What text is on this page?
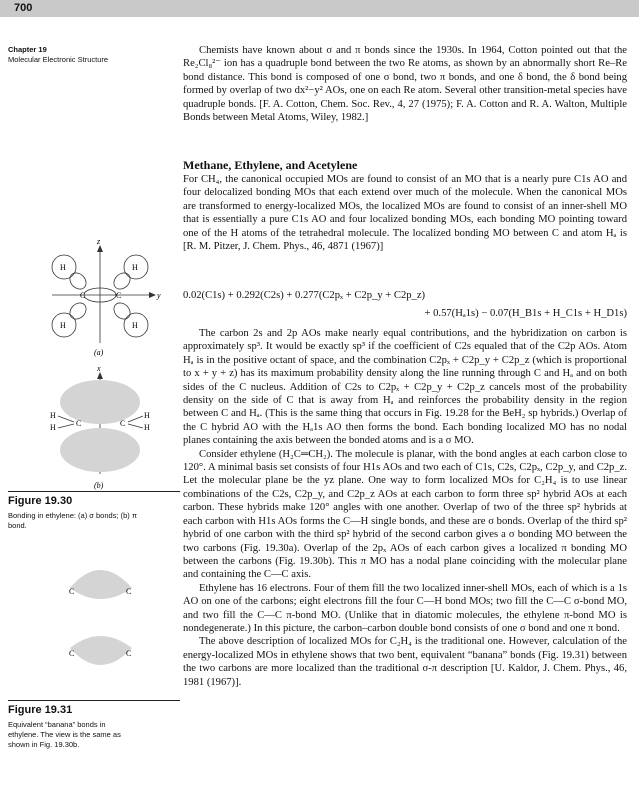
700
Chapter 19
Molecular Electronic Structure

Chemists have known about σ and π bonds since the 1930s. In 1964, Cotton pointed out that the Re₂Cl₈²⁻ ion has a quadruple bond between the two Re atoms, as shown by an abnormally short Re–Re bond distance. This bond is composed of one σ bond, two π bonds, and one δ bond, the δ bond being formed by overlap of two dx²−y² AOs, one on each Re atom. Several other transition-metal species have quadruple bonds. [F. A. Cotton, Chem. Soc. Rev., 4, 27 (1975); F. A. Cotton and R. A. Walton, Multiple Bonds between Metal Atoms, Wiley, 1982.]

Methane, Ethylene, and Acetylene

For CH₄, the canonical occupied MOs are found to consist of an MO that is a nearly pure C1s AO and four delocalized bonding MOs that each extend over much of the molecule. When the canonical MOs are transformed to energy-localized MOs, the localized MOs are found to consist of an inner-shell MO that is essentially a pure C1s AO and four localized bonding MOs, each bonding MO pointing toward one of the H atoms of the tetrahedral molecule. The localized bonding MO between C and atom Hₐ is [R. M. Pitzer, J. Chem. Phys., 46, 4871 (1967)]

0.02(C1s) + 0.292(C2s) + 0.277(C2pₓ + C2p_y + C2p_z)
+ 0.57(Hₐ1s) − 0.07(H_B1s + H_C1s + H_D1s)

The carbon 2s and 2p AOs make nearly equal contributions, and the hybridization on carbon is approximately sp³. It would be exactly sp³ if the coefficient of C2s equaled that of the C2p AOs. Atom Hₐ is in the positive octant of space, and the combination C2pₓ + C2p_y + C2p_z (which is proportional to x + y + z) has its maximum probability density along the line running through C and Hₐ and on both sides of the C nucleus. Addition of C2s to C2pₓ + C2p_y + C2p_z cancels most of the probability density on the side of C that is away from Hₐ and reinforces the probability density in the region between C and Hₐ. (This is the same thing that occurs in Fig. 19.28 for the BeH₂ sp hybrids.) Overlap of the C hybrid AO with the Hₐ1s AO then forms the bond. Each bonding localized MO has no nodal planes containing the axis between the bonded atoms and is a σ MO.

Consider ethylene (H₂C═CH₂). The molecule is planar, with the bond angles at each carbon close to 120°. A minimal basis set consists of four H1s AOs and two each of C1s, C2s, C2pₓ, C2p_y, and C2p_z. Let the molecular plane be the yz plane. One way to form localized MOs for C₂H₄ is to use linear combinations of the C2s, C2p_y, and C2p_z AOs at each carbon to form three sp² hybrid AOs at each carbon. These hybrids make 120° angles with one another. Overlap of two of the three sp² hybrids at each carbon with H1s AOs forms the C—H single bonds, and these are σ bonds. Overlap of the third sp² hybrid of one carbon with the third sp² hybrid of the second carbon gives a σ bonding MO between the two carbons (Fig. 19.30a). Overlap of the 2pₓ AOs of each carbon gives a localized π bonding MO between the carbons (Fig. 19.30b). This π MO has a nodal plane coinciding with the molecular plane and containing the C—C axis.

Ethylene has 16 electrons. Four of them fill the two localized inner-shell MOs, each of which is a 1s AO on one of the carbons; eight electrons fill the four C—H bond MOs; two fill the C—C σ-bond MO, and two fill the C—C π-bond MO. (Unlike that in diatomic molecules, the ethylene π-bond MO is nondegenerate.) In this picture, the carbon–carbon double bond consists of one σ bond and one π bond.

The above description of localized MOs for C₂H₄ is the traditional one. However, calculation of the energy-localized MOs in ethylene shows that two bent, equivalent “banana” bonds (Fig. 19.31) between the two carbons are more localized than the traditional σ-π description [U. Kaldor, J. Chem. Phys., 46, 1981 (1967)].

z
y
H	H
H	H
C	C
(a)
x
H
H	C	C
H
H
(b)
Figure 19.30
Bonding in ethylene: (a) σ bonds; (b) π bond.
C	C
C	C
Figure 19.31
Equivalent “banana” bonds in ethylene. The view is the same as shown in Fig. 19.30b.
